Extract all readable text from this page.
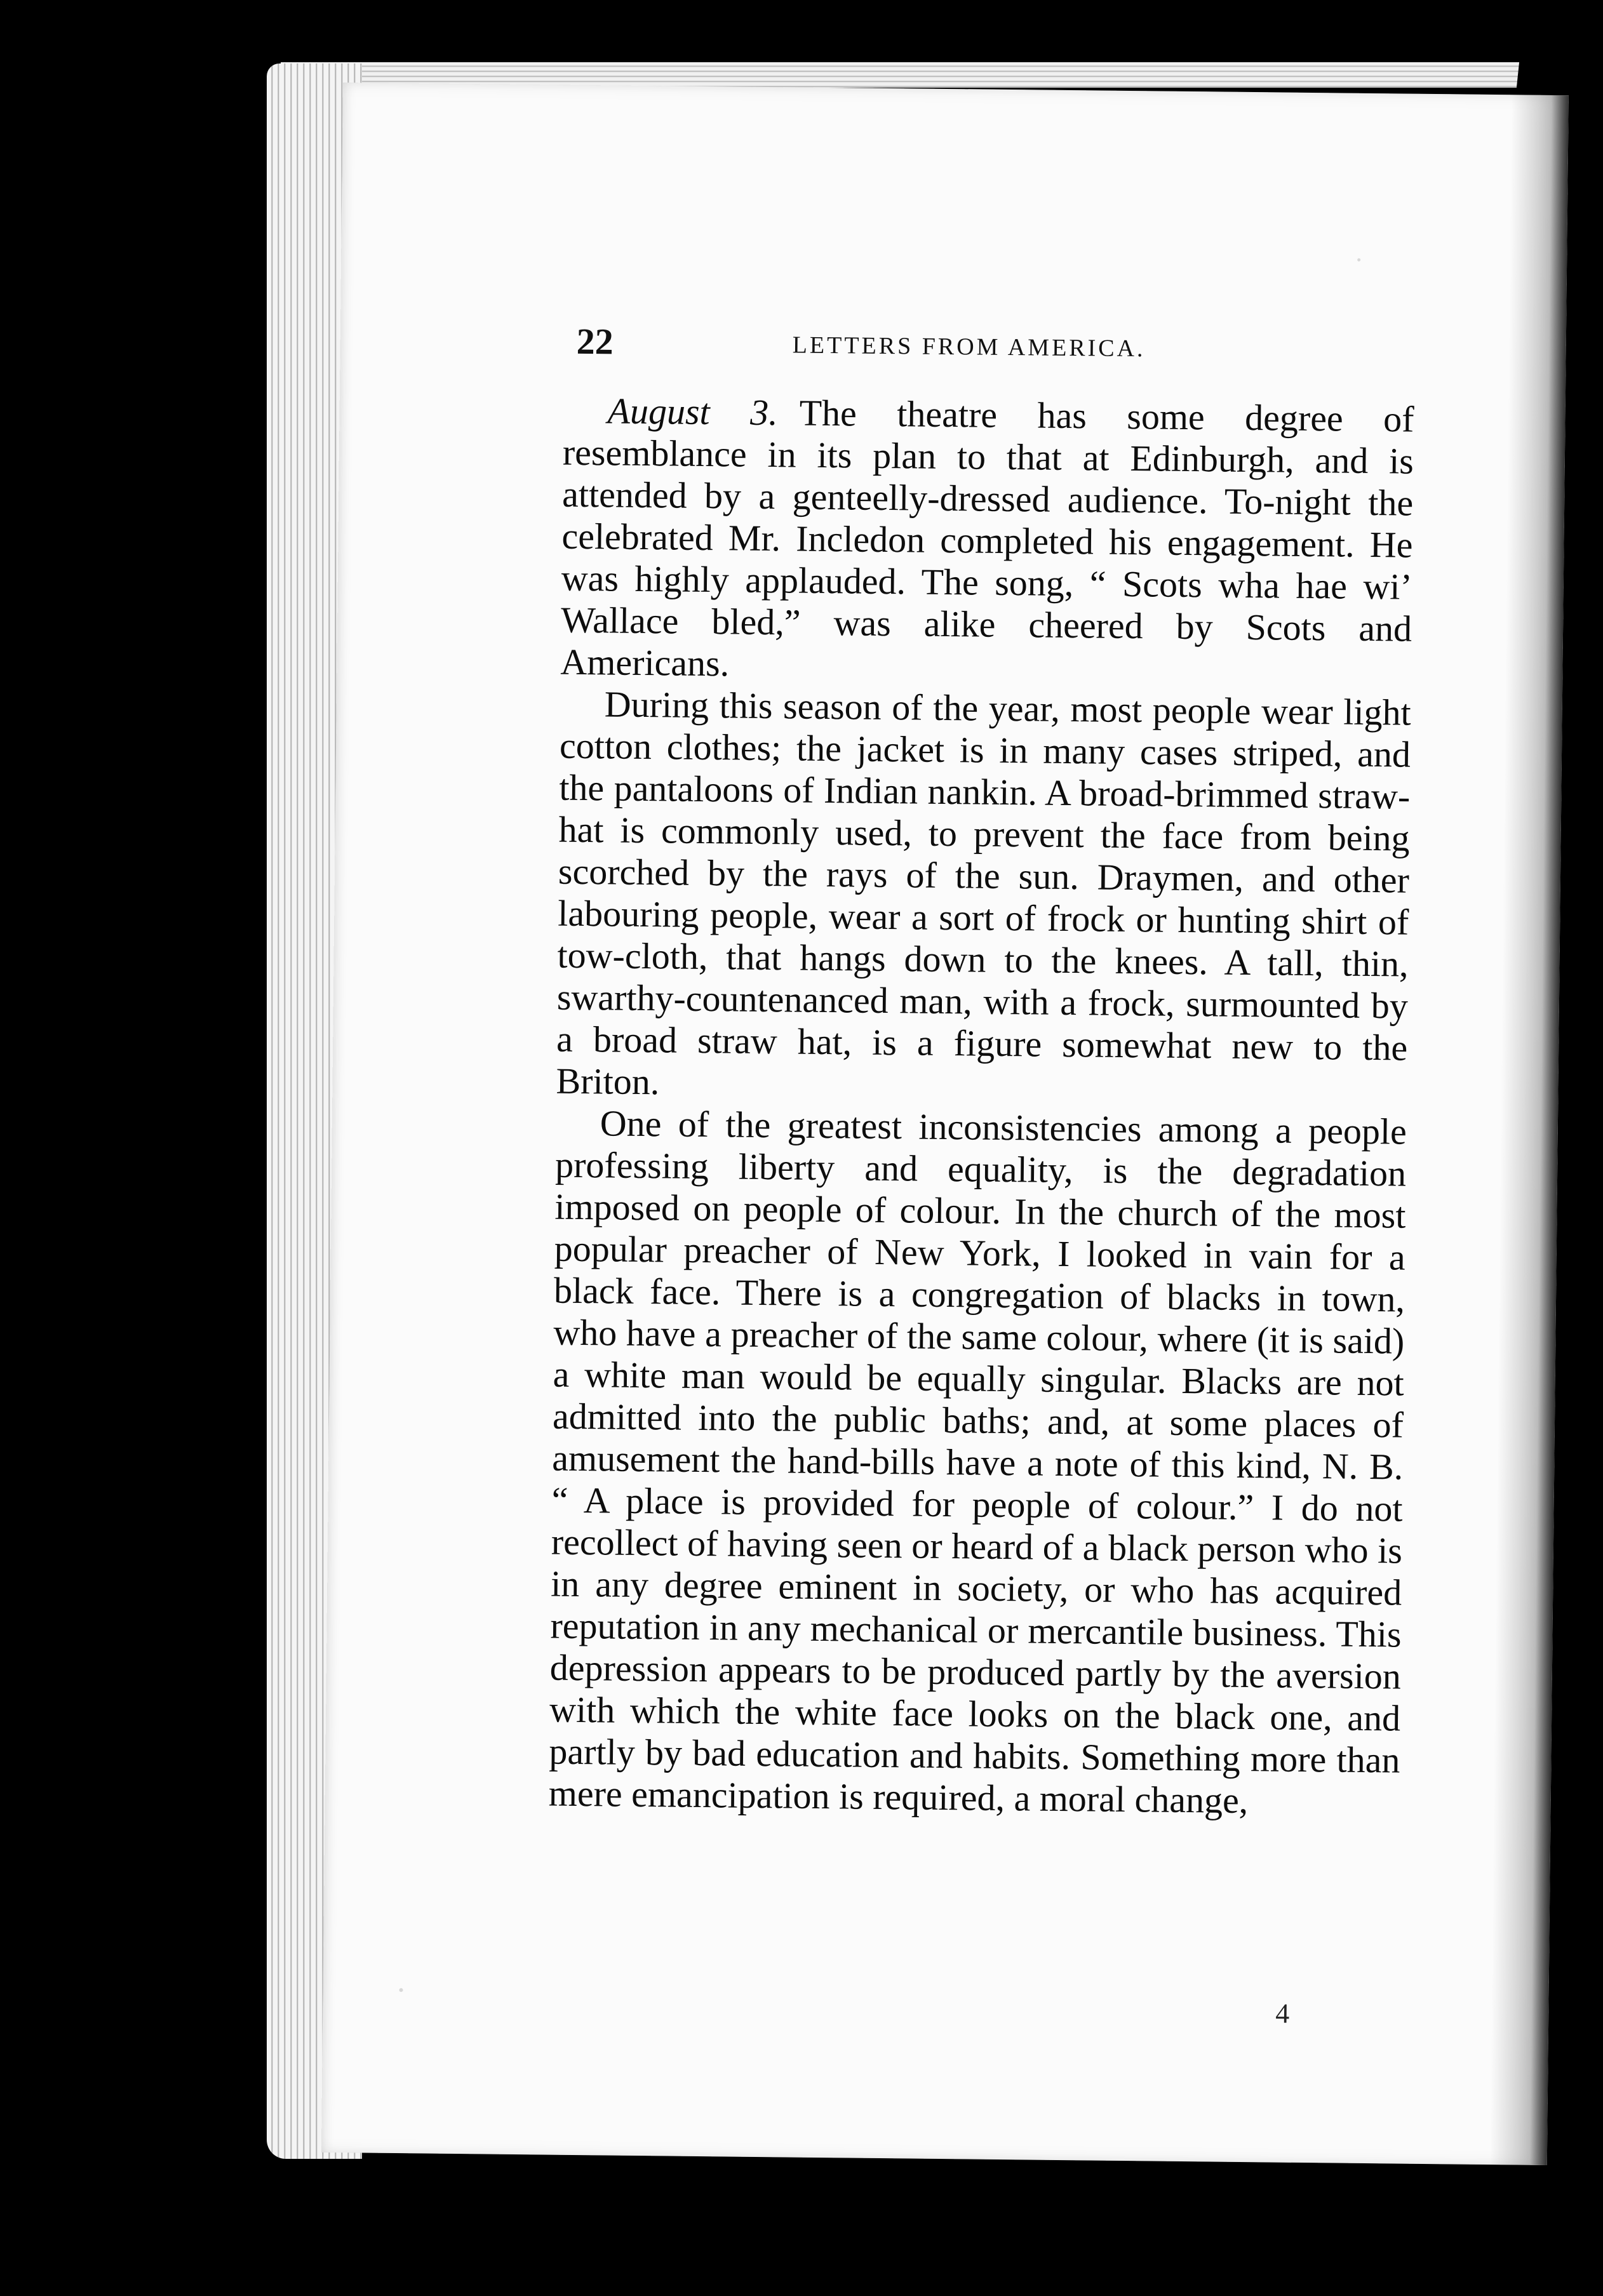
22	LETTERS FROM AMERICA.

August 3. The theatre has some degree of resemblance in its plan to that at Edinburgh, and is attended by a genteelly-dressed audience. To-night the celebrated Mr. Incledon completed his engagement. He was highly applauded. The song, “ Scots wha hae wi’ Wallace bled,” was alike cheered by Scots and Americans.

During this season of the year, most people wear light cotton clothes; the jacket is in many cases striped, and the pantaloons of Indian nankin. A broad-brimmed straw-hat is commonly used, to prevent the face from being scorched by the rays of the sun. Draymen, and other labouring people, wear a sort of frock or hunting shirt of tow-cloth, that hangs down to the knees. A tall, thin, swarthy-countenanced man, with a frock, surmounted by a broad straw hat, is a figure somewhat new to the Briton.

One of the greatest inconsistencies among a people professing liberty and equality, is the degradation imposed on people of colour. In the church of the most popular preacher of New York, I looked in vain for a black face. There is a congregation of blacks in town, who have a preacher of the same colour, where (it is said) a white man would be equally singular. Blacks are not admitted into the public baths; and, at some places of amusement the hand-bills have a note of this kind, N. B. “ A place is provided for people of colour.” I do not recollect of having seen or heard of a black person who is in any degree eminent in society, or who has acquired reputation in any mechanical or mercantile business. This depression appears to be produced partly by the aversion with which the white face looks on the black one, and partly by bad education and habits. Something more than mere emancipation is required, a moral change,

4
